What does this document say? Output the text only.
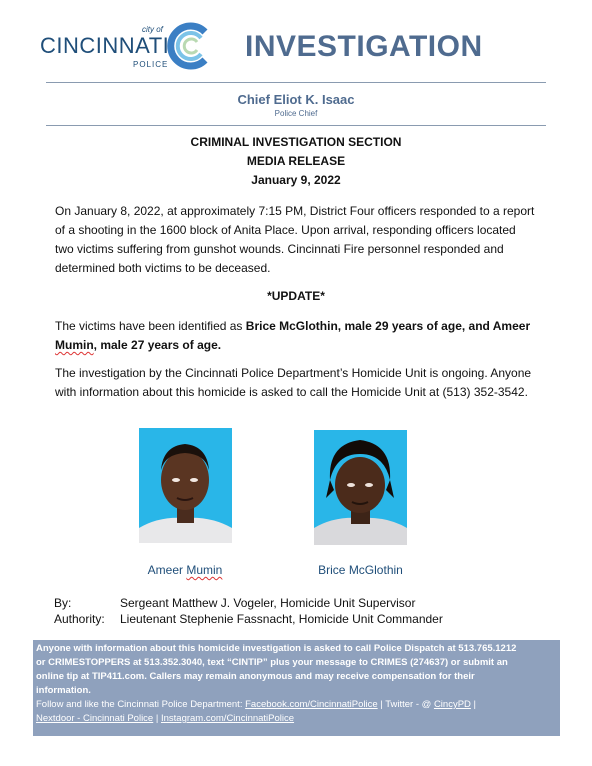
city of
CINCINNATI
POLICE
INVESTIGATION
Chief Eliot K. Isaac
Police Chief
CRIMINAL INVESTIGATION SECTION
MEDIA RELEASE
January 9, 2022
On January 8, 2022, at approximately 7:15 PM, District Four officers responded to a report
of a shooting in the 1600 block of Anita Place. Upon arrival, responding officers located
two victims suffering from gunshot wounds. Cincinnati Fire personnel responded and
determined both victims to be deceased.
*UPDATE*
The victims have been identified as Brice McGlothin, male 29 years of age, and Ameer
Mumin, male 27 years of age.
The investigation by the Cincinnati Police Department’s Homicide Unit is ongoing. Anyone
with information about this homicide is asked to call the Homicide Unit at (513) 352-3542.
Ameer Mumin	Brice McGlothin
By:	Sergeant Matthew J. Vogeler, Homicide Unit Supervisor
Authority: Lieutenant Stephenie Fassnacht, Homicide Unit Commander
Anyone with information about this homicide investigation is asked to call Police Dispatch at 513.765.1212
or CRIMESTOPPERS at 513.352.3040, text “CINTIP” plus your message to CRIMES (274637) or submit an
online tip at TIP411.com. Callers may remain anonymous and may receive compensation for their
information.
Follow and like the Cincinnati Police Department: Facebook.com/CincinnatiPolice | Twitter - @ CincyPD |
Nextdoor - Cincinnati Police | Instagram.com/CincinnatiPolice
